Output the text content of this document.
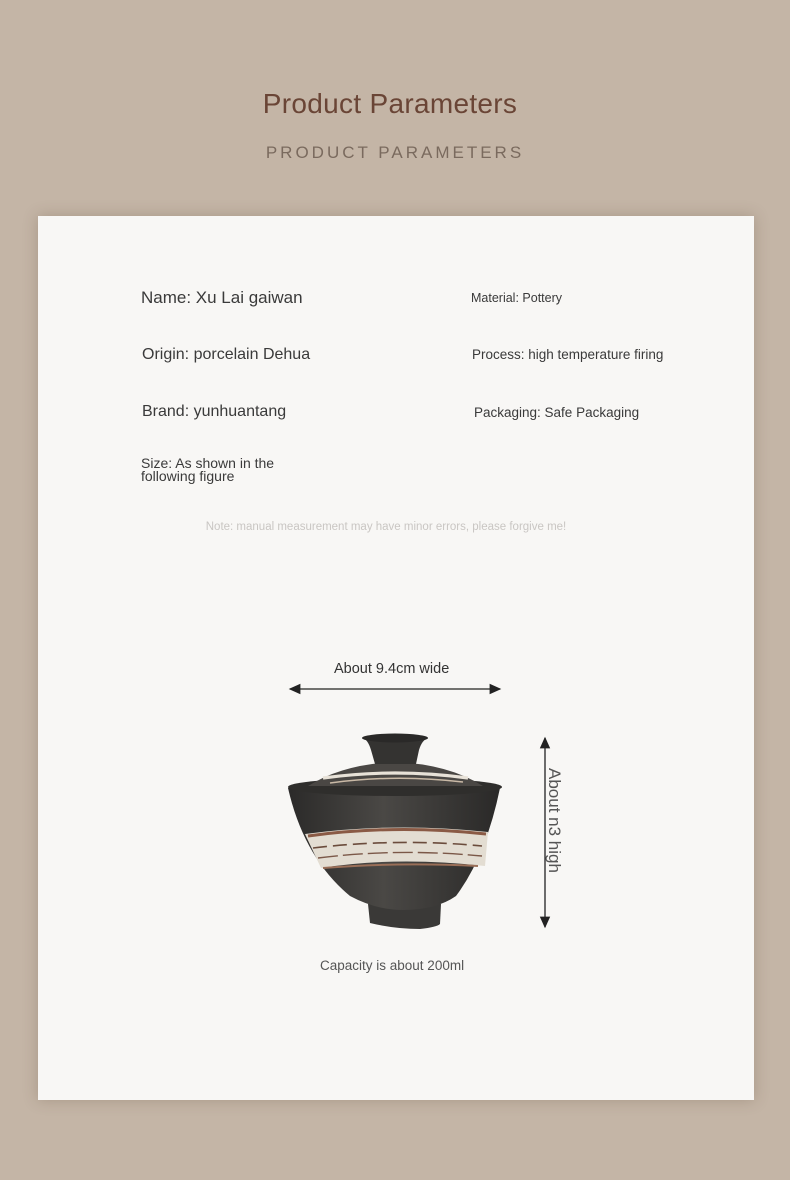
Product Parameters
PRODUCT PARAMETERS
Name: Xu Lai gaiwan
Origin: porcelain Dehua
Brand: yunhuantang
Size: As shown in the following figure
Material: Pottery
Process: high temperature firing
Packaging: Safe Packaging
Note: manual measurement may have minor errors, please forgive me!
About 9.4cm wide
About n3 high
Capacity is about 200ml
